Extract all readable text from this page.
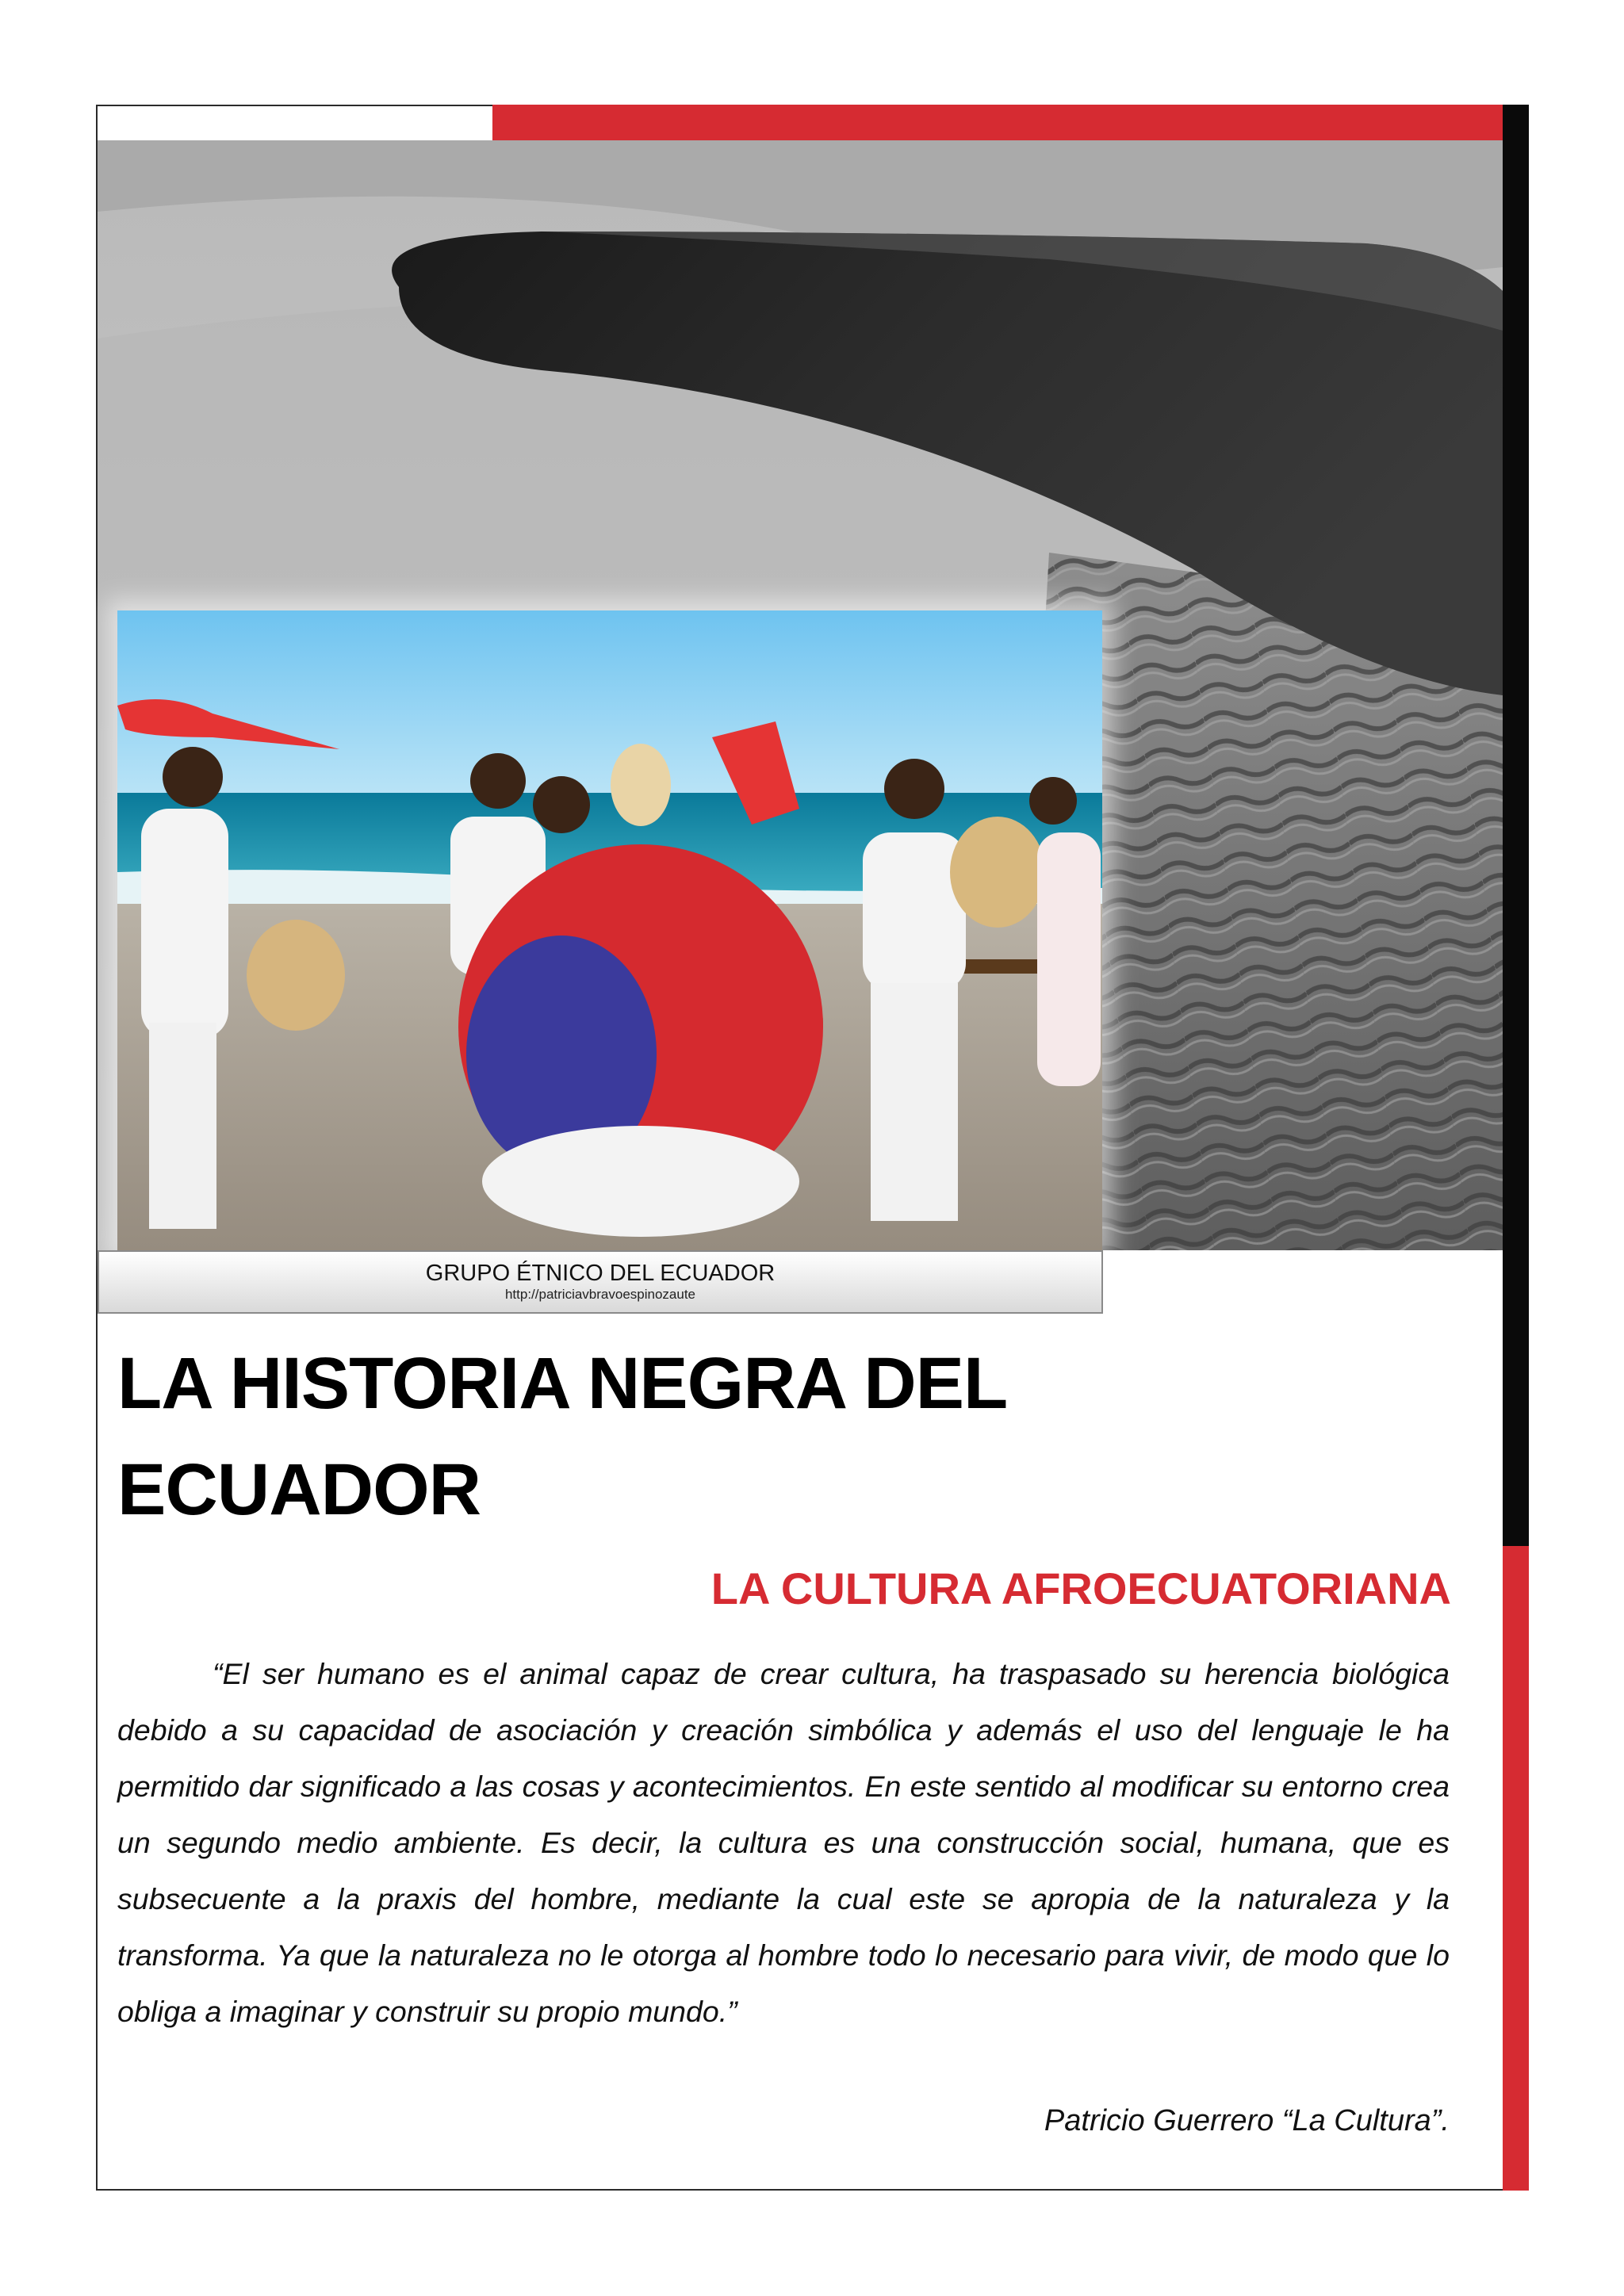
GRUPO ÉTNICO DEL ECUADOR
http://patriciavbravoespinozaute
LA HISTORIA NEGRA DEL
ECUADOR
LA CULTURA AFROECUATORIANA

“El ser humano es el animal capaz de crear cultura, ha traspasado su herencia biológica debido a su capacidad de asociación y creación simbólica y además el uso del lenguaje le ha permitido dar significado a las cosas y acontecimientos. En este sentido al modificar su entorno crea un segundo medio ambiente. Es decir, la cultura es una construcción social, humana, que es subsecuente a la praxis del hombre, mediante la cual este se apropia de la naturaleza y la transforma. Ya que la naturaleza no le otorga al hombre todo lo necesario para vivir, de modo que lo obliga a imaginar y construir su propio mundo.”

Patricio Guerrero “La Cultura”.
